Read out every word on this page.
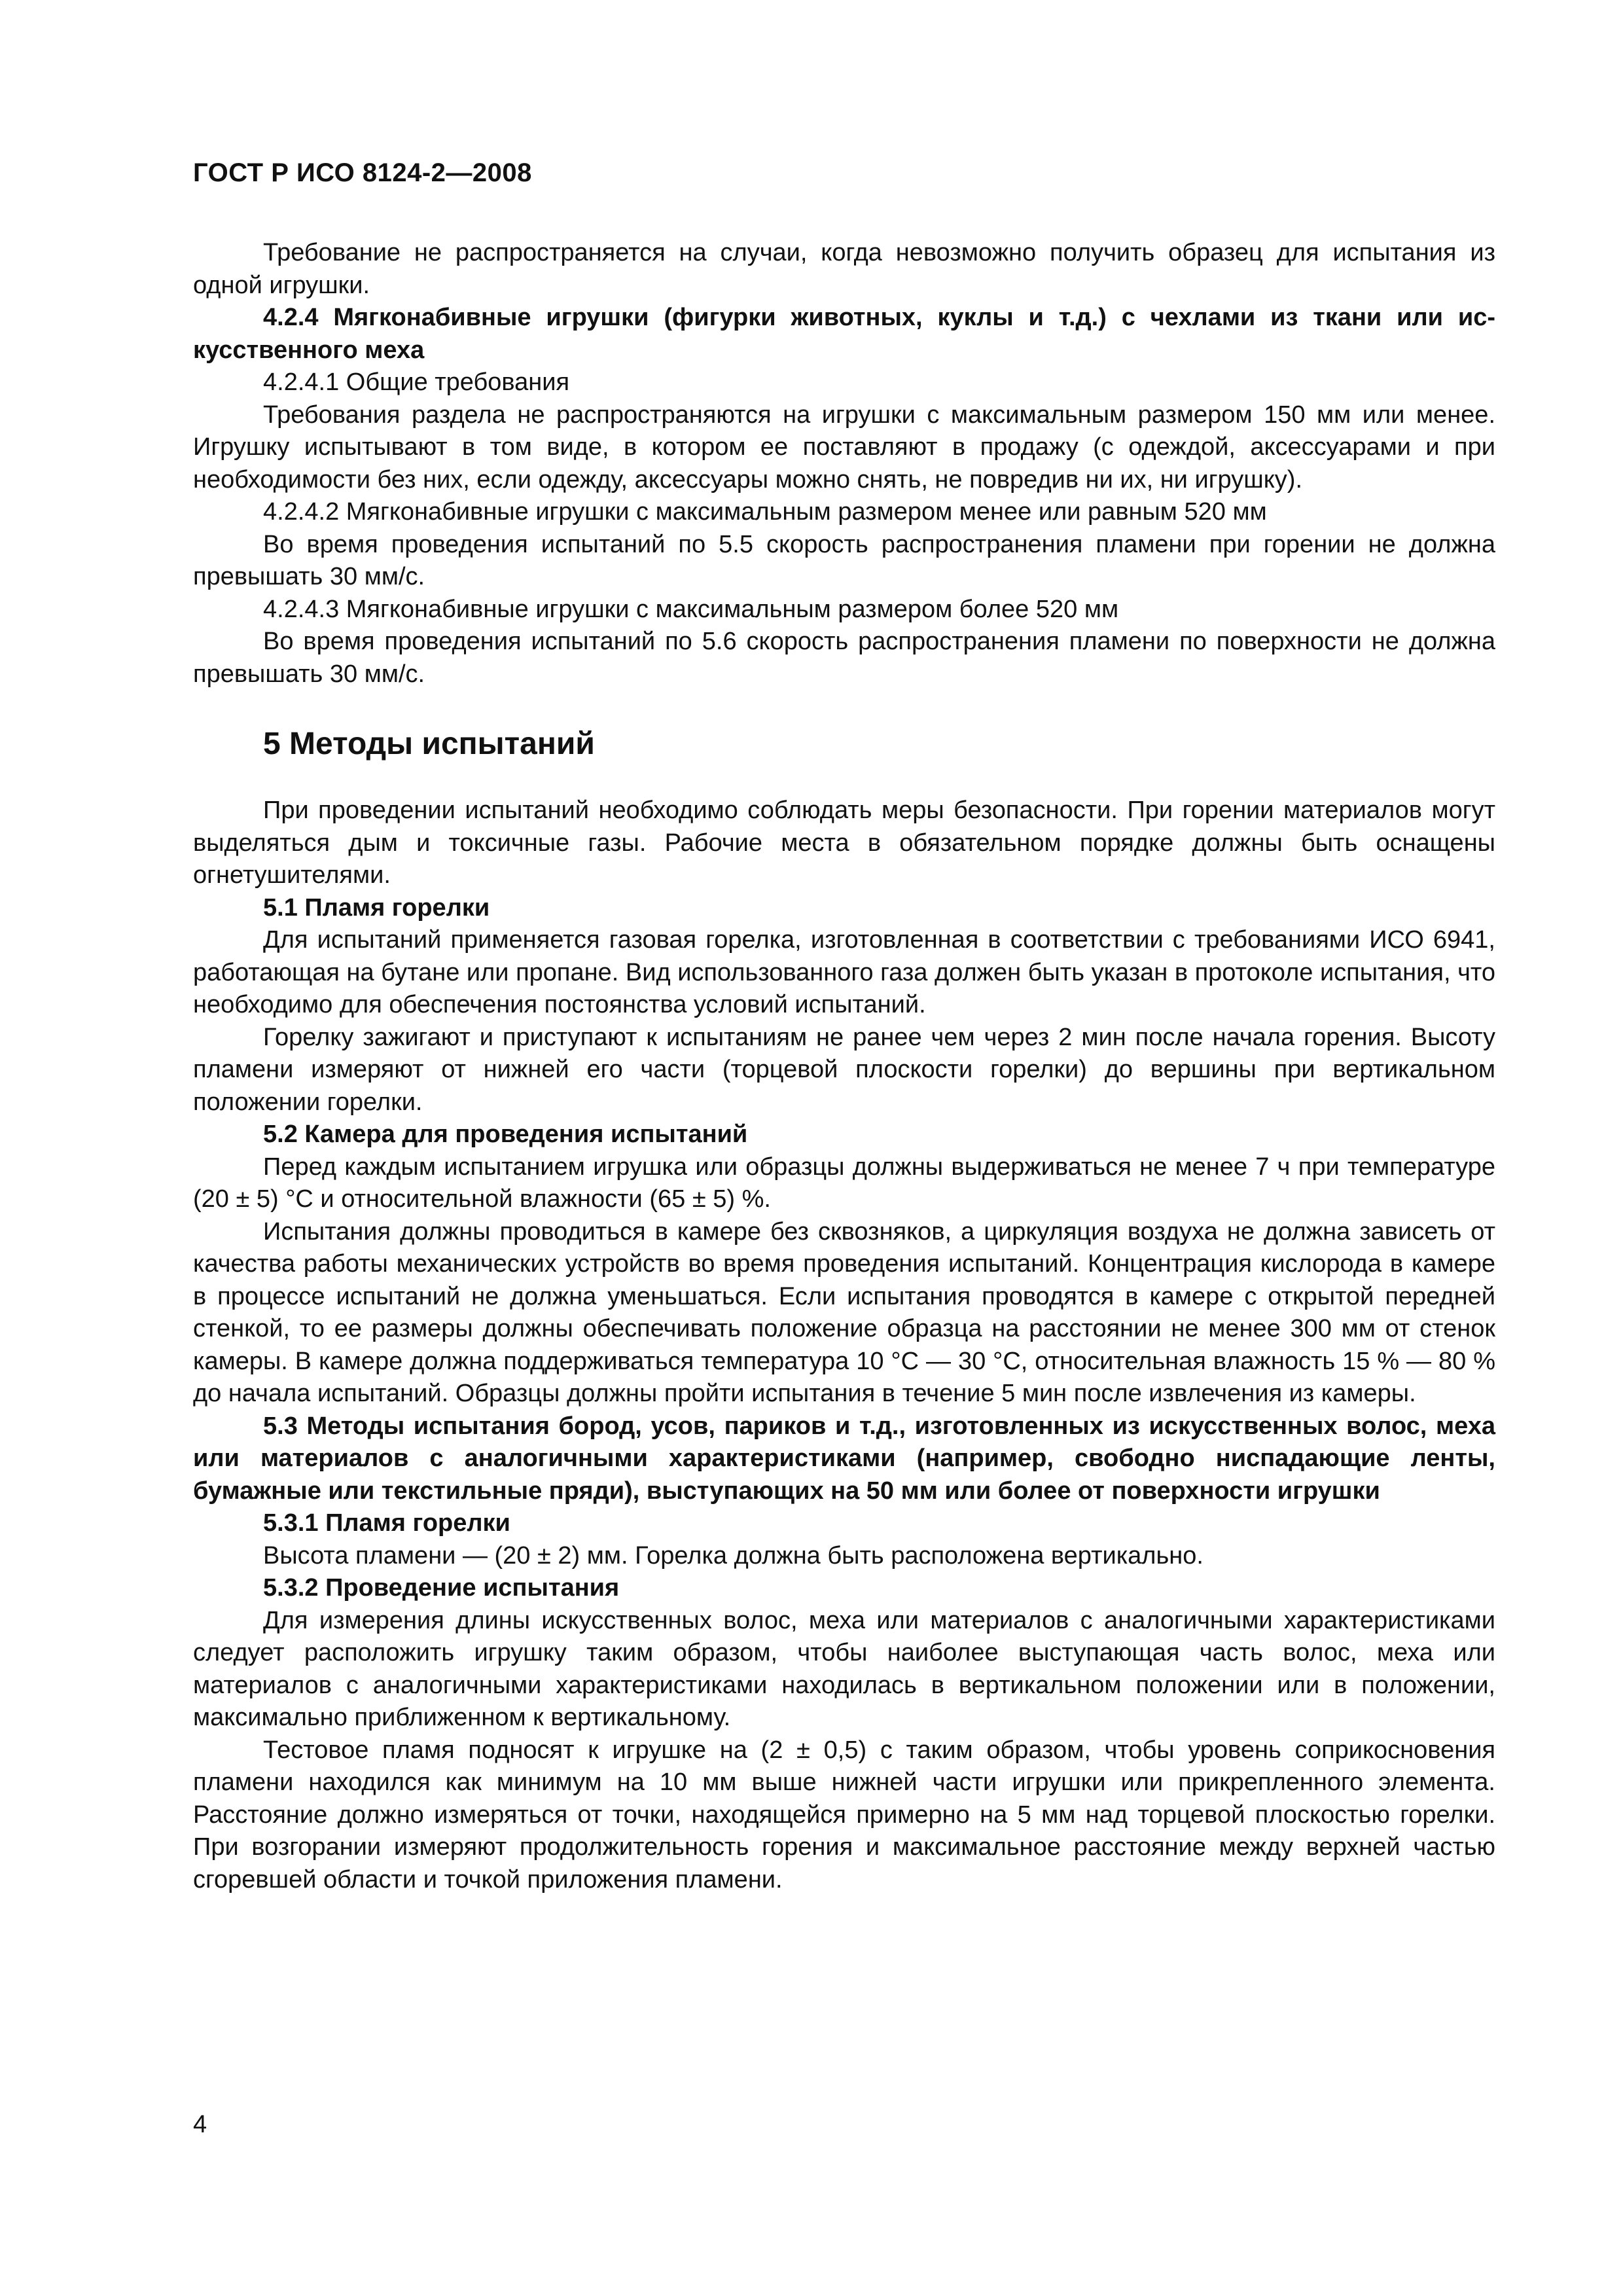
ГОСТ Р ИСО 8124-2—2008

Требование не распространяется на случаи, когда невозможно получить образец для испытания из одной игрушки.

4.2.4 Мягконабивные игрушки (фигурки животных, куклы и т.д.) с чехлами из ткани или искусственного меха

4.2.4.1 Общие требования

Требования раздела не распространяются на игрушки с максимальным размером 150 мм или менее. Игрушку испытывают в том виде, в котором ее поставляют в продажу (с одеждой, аксессуарами и при необходимости без них, если одежду, аксессуары можно снять, не повредив ни их, ни игрушку).

4.2.4.2 Мягконабивные игрушки с максимальным размером менее или равным 520 мм

Во время проведения испытаний по 5.5 скорость распространения пламени при горении не должна превышать 30 мм/с.

4.2.4.3 Мягконабивные игрушки с максимальным размером более 520 мм

Во время проведения испытаний по 5.6 скорость распространения пламени по поверхности не должна превышать 30 мм/с.

5 Методы испытаний

При проведении испытаний необходимо соблюдать меры безопасности. При горении материалов могут выделяться дым и токсичные газы. Рабочие места в обязательном порядке должны быть оснащены огнетушителями.

5.1 Пламя горелки

Для испытаний применяется газовая горелка, изготовленная в соответствии с требованиями ИСО 6941, работающая на бутане или пропане. Вид использованного газа должен быть указан в протоколе испытания, что необходимо для обеспечения постоянства условий испытаний.

Горелку зажигают и приступают к испытаниям не ранее чем через 2 мин после начала горения. Высоту пламени измеряют от нижней его части (торцевой плоскости горелки) до вершины при вертикальном положении горелки.

5.2 Камера для проведения испытаний

Перед каждым испытанием игрушка или образцы должны выдерживаться не менее 7 ч при температуре (20 ± 5) °С и относительной влажности (65 ± 5) %.

Испытания должны проводиться в камере без сквозняков, а циркуляция воздуха не должна зависеть от качества работы механических устройств во время проведения испытаний. Концентрация кислорода в камере в процессе испытаний не должна уменьшаться. Если испытания проводятся в камере с открытой передней стенкой, то ее размеры должны обеспечивать положение образца на расстоянии не менее 300 мм от стенок камеры. В камере должна поддерживаться температура 10 °С — 30 °С, относительная влажность 15 % — 80 % до начала испытаний. Образцы должны пройти испытания в течение 5 мин после извлечения из камеры.

5.3 Методы испытания бород, усов, париков и т.д., изготовленных из искусственных волос, меха или материалов с аналогичными характеристиками (например, свободно ниспадающие ленты, бумажные или текстильные пряди), выступающих на 50 мм или более от поверхности игрушки

5.3.1 Пламя горелки

Высота пламени — (20 ± 2) мм. Горелка должна быть расположена вертикально.

5.3.2 Проведение испытания

Для измерения длины искусственных волос, меха или материалов с аналогичными характеристиками следует расположить игрушку таким образом, чтобы наиболее выступающая часть волос, меха или материалов с аналогичными характеристиками находилась в вертикальном положении или в положении, максимально приближенном к вертикальному.

Тестовое пламя подносят к игрушке на (2 ± 0,5) с таким образом, чтобы уровень соприкосновения пламени находился как минимум на 10 мм выше нижней части игрушки или прикрепленного элемента. Расстояние должно измеряться от точки, находящейся примерно на 5 мм над торцевой плоскостью горелки. При возгорании измеряют продолжительность горения и максимальное расстояние между верхней частью сгоревшей области и точкой приложения пламени.

4
